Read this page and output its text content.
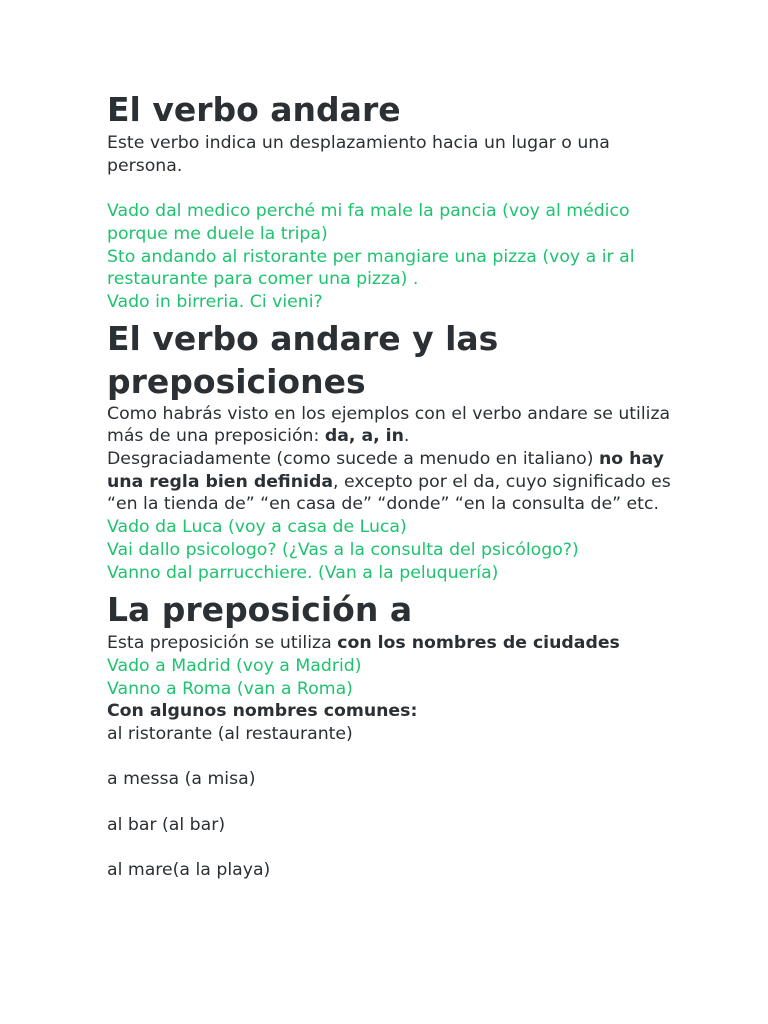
El verbo andare

Este verbo indica un desplazamiento hacia un lugar o una persona.

Vado dal medico perché mi fa male la pancia (voy al médico porque me duele la tripa)

Sto andando al ristorante per mangiare una pizza (voy a ir al restaurante para comer una pizza) .

Vado in birreria. Ci vieni?

El verbo andare y las
preposiciones

Como habrás visto en los ejemplos con el verbo andare se utiliza más de una preposición: da, a, in.

Desgraciadamente (como sucede a menudo en italiano) no hay una regla bien definida, excepto por el da, cuyo significado es “en la tienda de” “en casa de” “donde” “en la consulta de” etc.

Vado da Luca (voy a casa de Luca)

Vai dallo psicologo? (¿Vas a la consulta del psicólogo?)

Vanno dal parrucchiere. (Van a la peluquería)

La preposición a

Esta preposición se utiliza con los nombres de ciudades

Vado a Madrid (voy a Madrid)

Vanno a Roma (van a Roma)

Con algunos nombres comunes:

al ristorante (al restaurante)

a messa (a misa)

al bar (al bar)

al mare(a la playa)
